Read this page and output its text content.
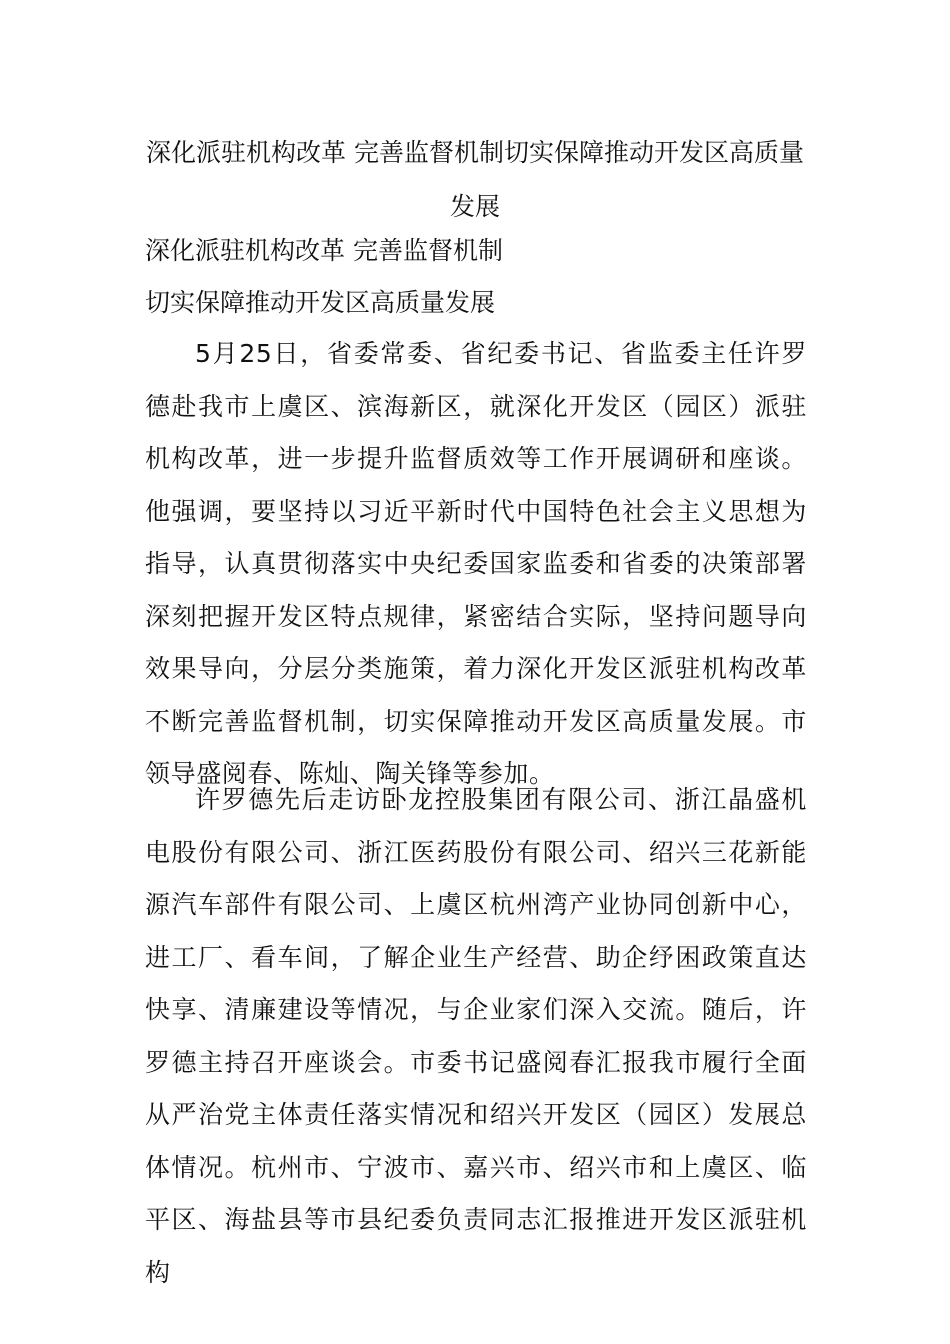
深化派驻机构改革 完善监督机制切实保障推动开发区高质量发展

深化派驻机构改革 完善监督机制

切实保障推动开发区高质量发展

5月25日，省委常委、省纪委书记、省监委主任许罗德赴我市上虞区、滨海新区，就深化开发区（园区）派驻机构改革，进一步提升监督质效等工作开展调研和座谈。他强调，要坚持以习近平新时代中国特色社会主义思想为指导，认真贯彻落实中央纪委国家监委和省委的决策部署深刻把握开发区特点规律，紧密结合实际，坚持问题导向效果导向，分层分类施策，着力深化开发区派驻机构改革不断完善监督机制，切实保障推动开发区高质量发展。市领导盛阅春、陈灿、陶关锋等参加。

许罗德先后走访卧龙控股集团有限公司、浙江晶盛机电股份有限公司、浙江医药股份有限公司、绍兴三花新能源汽车部件有限公司、上虞区杭州湾产业协同创新中心，进工厂、看车间，了解企业生产经营、助企纾困政策直达快享、清廉建设等情况，与企业家们深入交流。随后，许罗德主持召开座谈会。市委书记盛阅春汇报我市履行全面从严治党主体责任落实情况和绍兴开发区（园区）发展总体情况。杭州市、宁波市、嘉兴市、绍兴市和上虞区、临平区、海盐县等市县纪委负责同志汇报推进开发区派驻机构
